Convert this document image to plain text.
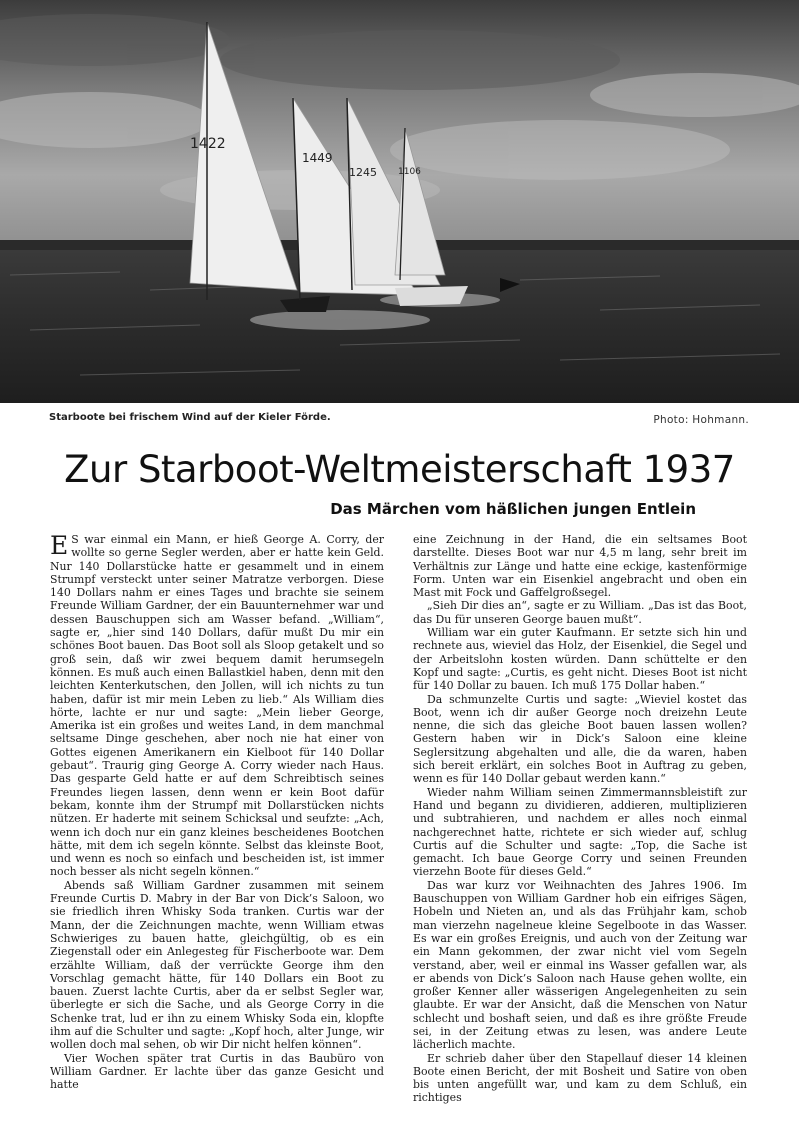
1422
1449
1245 1106
Starboote bei frischem Wind auf der Kieler Förde.	Photo: Hohmann.
Zur Starboot-Weltmeisterschaft 1937
Das Märchen vom häßlichen jungen Entlein

E S war einmal ein Mann, er hieß George A. Corry, der wollte so gerne Segler werden, aber er hatte kein Geld. Nur 140 Dollarstücke hatte er gesammelt und in einem Strumpf versteckt unter seiner Matratze verborgen. Diese 140 Dollars nahm er eines Tages und brachte sie seinem Freunde William Gardner, der ein Bauunternehmer war und dessen Bauschuppen sich am Wasser befand. „William“, sagte er, „hier sind 140 Dollars, dafür mußt Du mir ein schönes Boot bauen. Das Boot soll als Sloop getakelt und so groß sein, daß wir zwei bequem damit herumsegeln können. Es muß auch einen Ballastkiel haben, denn mit den leichten Kenterkutschen, den Jollen, will ich nichts zu tun haben, dafür ist mir mein Leben zu lieb.“ Als William dies hörte, lachte er nur und sagte: „Mein lieber George, Amerika ist ein großes und weites Land, in dem manchmal seltsame Dinge geschehen, aber noch nie hat einer von Gottes eigenen Amerikanern ein Kielboot für 140 Dollar gebaut“. Traurig ging George A. Corry wieder nach Haus. Das gesparte Geld hatte er auf dem Schreibtisch seines Freundes liegen lassen, denn wenn er kein Boot dafür bekam, konnte ihm der Strumpf mit Dollarstücken nichts nützen. Er haderte mit seinem Schicksal und seufzte: „Ach, wenn ich doch nur ein ganz kleines bescheidenes Bootchen hätte, mit dem ich segeln könnte. Selbst das kleinste Boot, und wenn es noch so einfach und bescheiden ist, ist immer noch besser als nicht segeln können.“

Abends saß William Gardner zusammen mit seinem Freunde Curtis D. Mabry in der Bar von Dick’s Saloon, wo sie friedlich ihren Whisky Soda tranken. Curtis war der Mann, der die Zeichnungen machte, wenn William etwas Schwieriges zu bauen hatte, gleichgültig, ob es ein Ziegenstall oder ein Anlegesteg für Fischerboote war. Dem erzählte William, daß der verrückte George ihm den Vorschlag gemacht hätte, für 140 Dollars ein Boot zu bauen. Zuerst lachte Curtis, aber da er selbst Segler war, überlegte er sich die Sache, und als George Corry in die Schenke trat, lud er ihn zu einem Whisky Soda ein, klopfte ihm auf die Schulter und sagte: „Kopf hoch, alter Junge, wir wollen doch mal sehen, ob wir Dir nicht helfen können“.

Vier Wochen später trat Curtis in das Baubüro von William Gardner. Er lachte über das ganze Gesicht und hatte

eine Zeichnung in der Hand, die ein seltsames Boot darstellte. Dieses Boot war nur 4,5 m lang, sehr breit im Verhältnis zur Länge und hatte eine eckige, kastenförmige Form. Unten war ein Eisenkiel angebracht und oben ein Mast mit Fock und Gaffelgroßsegel.

„Sieh Dir dies an“, sagte er zu William. „Das ist das Boot, das Du für unseren George bauen mußt“.

William war ein guter Kaufmann. Er setzte sich hin und rechnete aus, wieviel das Holz, der Eisenkiel, die Segel und der Arbeitslohn kosten würden. Dann schüttelte er den Kopf und sagte: „Curtis, es geht nicht. Dieses Boot ist nicht für 140 Dollar zu bauen. Ich muß 175 Dollar haben.“

Da schmunzelte Curtis und sagte: „Wieviel kostet das Boot, wenn ich dir außer George noch dreizehn Leute nenne, die sich das gleiche Boot bauen lassen wollen? Gestern haben wir in Dick’s Saloon eine kleine Seglersitzung abgehalten und alle, die da waren, haben sich bereit erklärt, ein solches Boot in Auftrag zu geben, wenn es für 140 Dollar gebaut werden kann.“

Wieder nahm William seinen Zimmermannsbleistift zur Hand und begann zu dividieren, addieren, multiplizieren und subtrahieren, und nachdem er alles noch einmal nachgerechnet hatte, richtete er sich wieder auf, schlug Curtis auf die Schulter und sagte: „Top, die Sache ist gemacht. Ich baue George Corry und seinen Freunden vierzehn Boote für dieses Geld.“

Das war kurz vor Weihnachten des Jahres 1906. Im Bauschuppen von William Gardner hob ein eifriges Sägen, Hobeln und Nieten an, und als das Frühjahr kam, schob man vierzehn nagelneue kleine Segelboote in das Wasser. Es war ein großes Ereignis, und auch von der Zeitung war ein Mann gekommen, der zwar nicht viel vom Segeln verstand, aber, weil er einmal ins Wasser gefallen war, als er abends von Dick’s Saloon nach Hause gehen wollte, ein großer Kenner aller wässerigen Angelegenheiten zu sein glaubte. Er war der Ansicht, daß die Menschen von Natur schlecht und boshaft seien, und daß es ihre größte Freude sei, in der Zeitung etwas zu lesen, was andere Leute lächerlich machte.

Er schrieb daher über den Stapellauf dieser 14 kleinen Boote einen Bericht, der mit Bosheit und Satire von oben bis unten angefüllt war, und kam zu dem Schluß, ein richtiges
